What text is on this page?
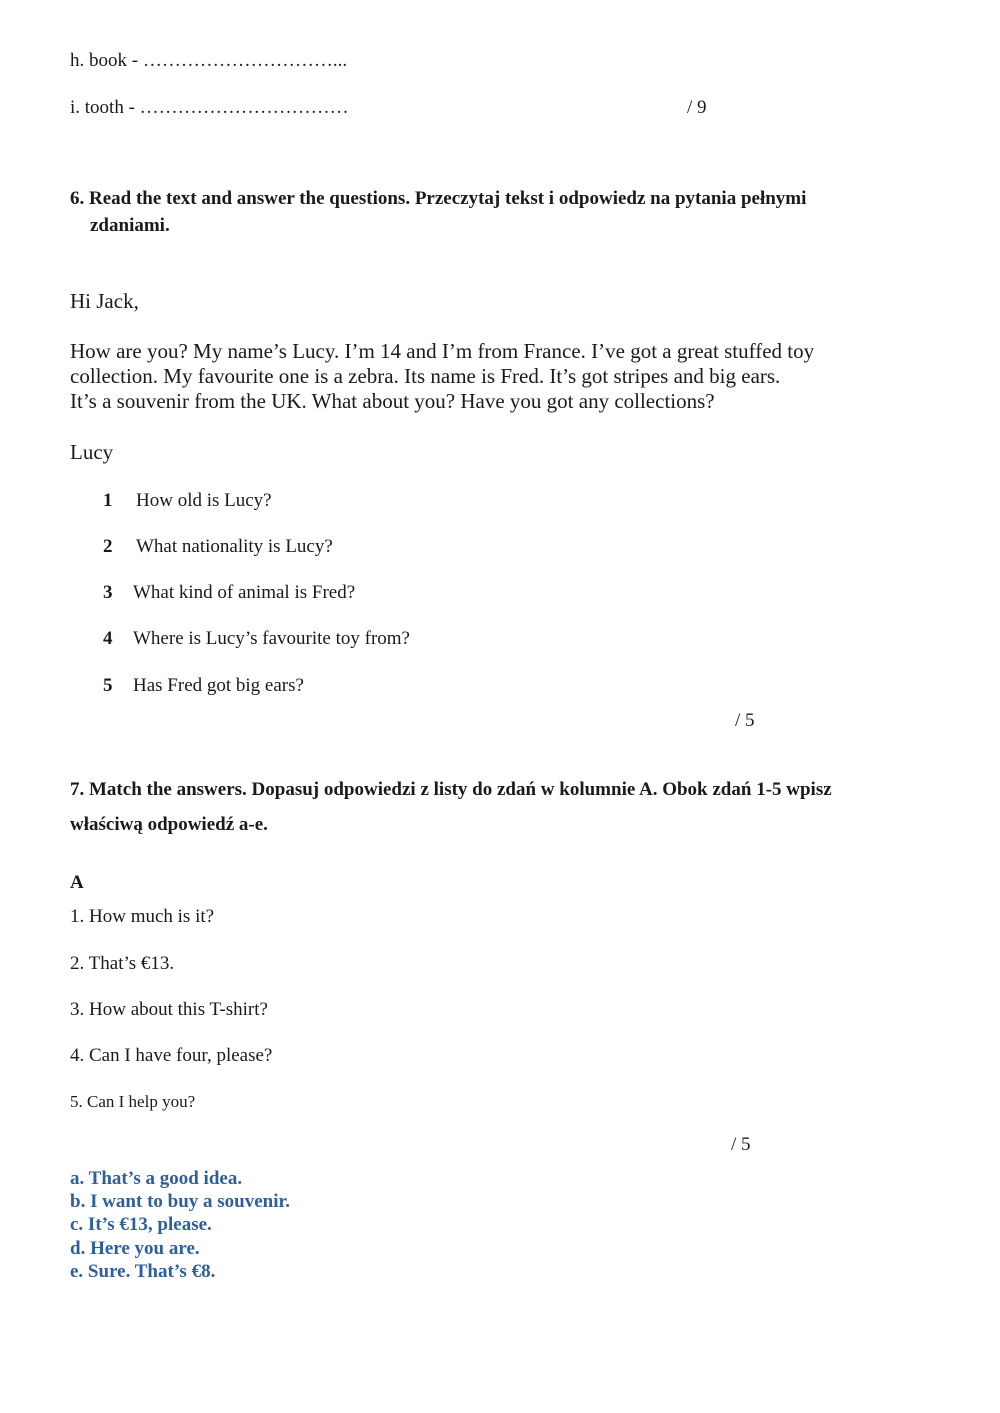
h. book - …………………………...
i. tooth - ……………………………	/ 9
6. Read the text and answer the questions. Przeczytaj tekst i odpowiedz na pytania pełnymi
zdaniami.
Hi Jack,
How are you? My name’s Lucy. I’m 14 and I’m from France. I’ve got a great stuffed toy
collection. My favourite one is a zebra. Its name is Fred. It’s got stripes and big ears.
It’s a souvenir from the UK. What about you? Have you got any collections?
Lucy
1 How old is Lucy?
2 What nationality is Lucy?
3 What kind of animal is Fred?
4 Where is Lucy’s favourite toy from?
5 Has Fred got big ears?
/ 5
7. Match the answers. Dopasuj odpowiedzi z listy do zdań w kolumnie A. Obok zdań 1-5 wpisz
właściwą odpowiedź a-e.
A
1. How much is it?
2. That’s €13.
3. How about this T-shirt?
4. Can I have four, please?
5. Can I help you?
/ 5
a. That’s a good idea.
b. I want to buy a souvenir.
c. It’s €13, please.
d. Here you are.
e. Sure. That’s €8.
